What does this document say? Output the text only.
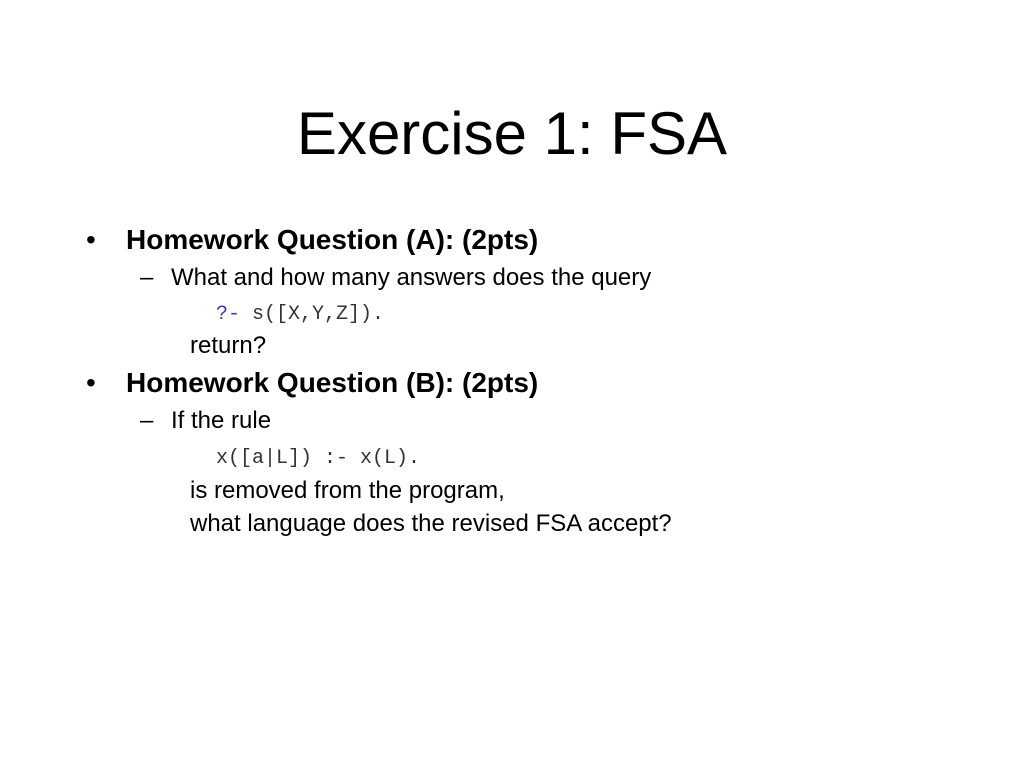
Exercise 1: FSA
• Homework Question (A): (2pts)
– What and how many answers does the query
?- s([X,Y,Z]).
return?
• Homework Question (B): (2pts)
– If the rule
x([a|L]) :- x(L).
is removed from the program,
what language does the revised FSA accept?
